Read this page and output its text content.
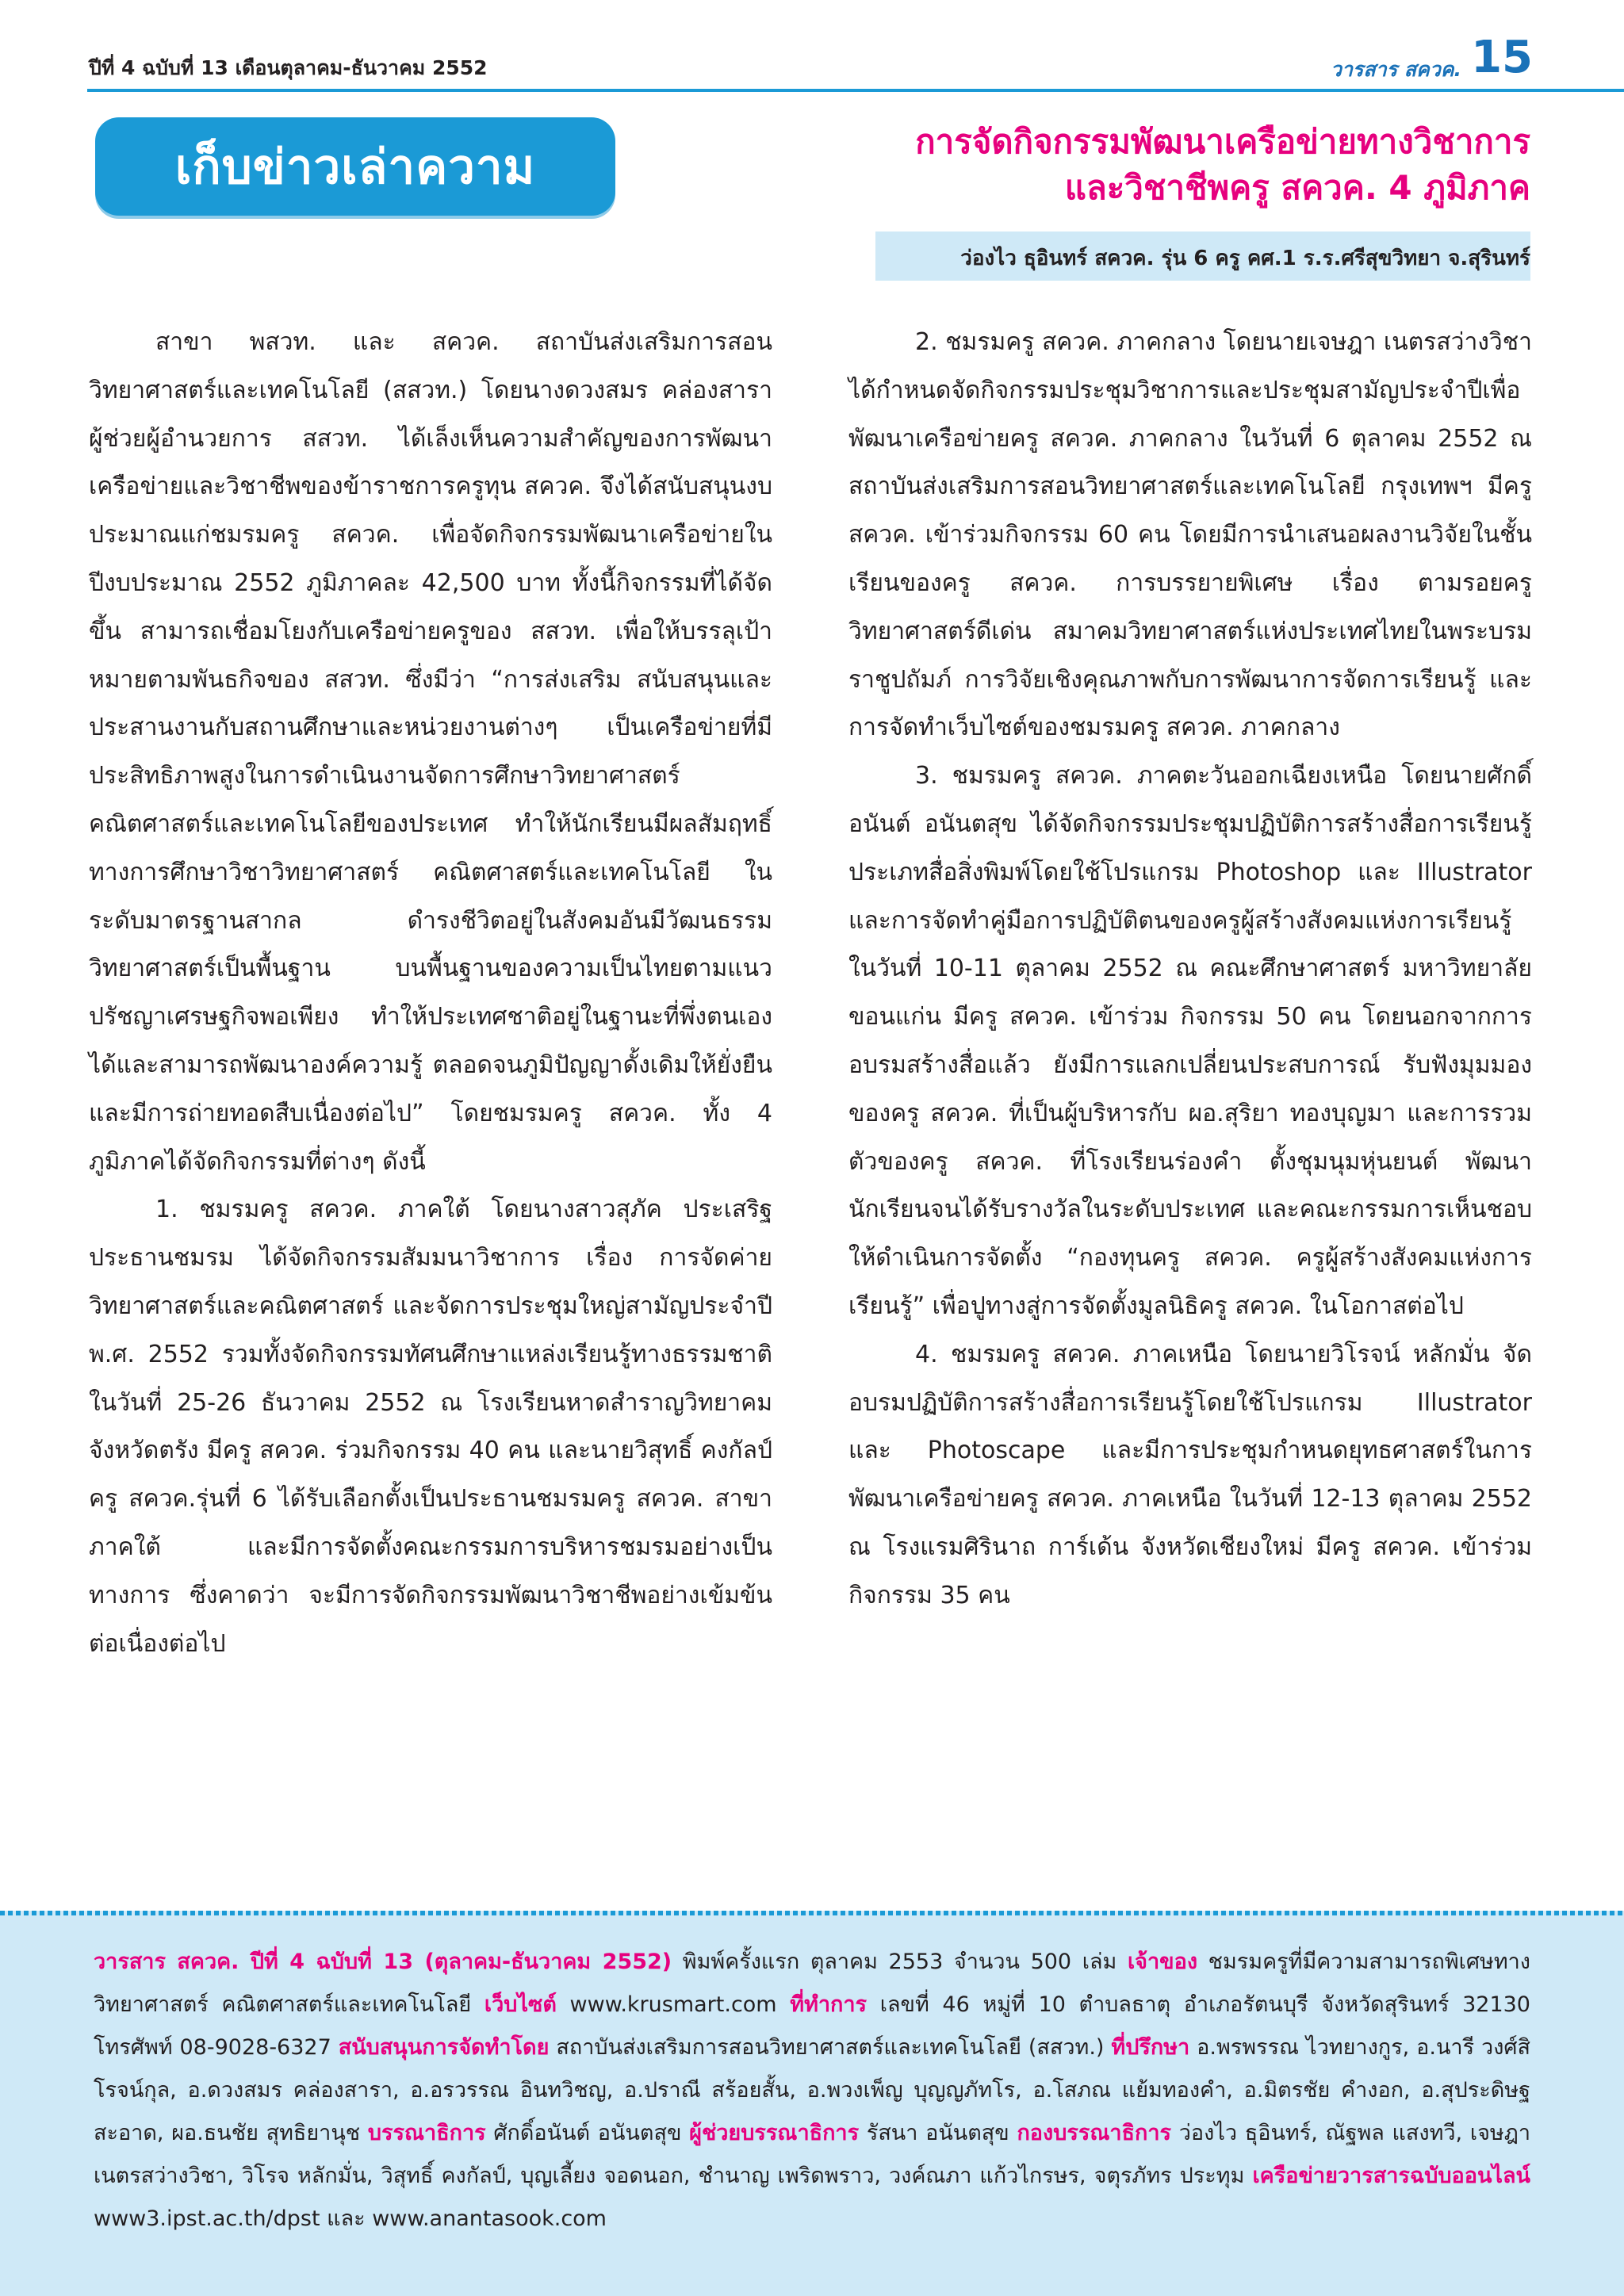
ปีที่ 4 ฉบับที่ 13 เดือนตุลาคม-ธันวาคม 2552	วารสาร สควค. 15
เก็บข่าวเล่าความ	การจัดกิจกรรมพัฒนาเครือข่ายทางวิชาการ
และวิชาชีพครู สควค. 4 ภูมิภาค
ว่องไว ธุอินทร์ สควค. รุ่น 6 ครู คศ.1 ร.ร.ศรีสุขวิทยา จ.สุรินทร์

สาขา พสวท. และ สควค. สถาบันส่งเสริมการสอนวิทยาศาสตร์และเทคโนโลยี (สสวท.) โดยนางดวงสมร คล่องสารา ผู้ช่วยผู้อำนวยการ สสวท. ได้เล็งเห็นความสำคัญของการพัฒนาเครือข่ายและวิชาชีพของข้าราชการครูทุน สควค. จึงได้สนับสนุนงบประมาณแก่ชมรมครู สควค. เพื่อจัดกิจกรรมพัฒนาเครือข่ายในปีงบประมาณ 2552 ภูมิภาคละ 42,500 บาท ทั้งนี้กิจกรรมที่ได้จัดขึ้น สามารถเชื่อมโยงกับเครือข่ายครูของ สสวท. เพื่อให้บรรลุเป้าหมายตามพันธกิจของ สสวท. ซึ่งมีว่า “การส่งเสริม สนับสนุนและประสานงานกับสถานศึกษาและหน่วยงานต่างๆ เป็นเครือข่ายที่มีประสิทธิภาพสูงในการดำเนินงานจัดการศึกษาวิทยาศาสตร์ คณิตศาสตร์และเทคโนโลยีของประเทศ ทำให้นักเรียนมีผลสัมฤทธิ์ทางการศึกษาวิชาวิทยาศาสตร์ คณิตศาสตร์และเทคโนโลยี ในระดับมาตรฐานสากล ดำรงชีวิตอยู่ในสังคมอันมีวัฒนธรรมวิทยาศาสตร์เป็นพื้นฐาน บนพื้นฐานของความเป็นไทยตามแนวปรัชญาเศรษฐกิจพอเพียง ทำให้ประเทศชาติอยู่ในฐานะที่พึ่งตนเองได้และสามารถพัฒนาองค์ความรู้ ตลอดจนภูมิปัญญาดั้งเดิมให้ยั่งยืนและมีการถ่ายทอดสืบเนื่องต่อไป” โดยชมรมครู สควค. ทั้ง 4 ภูมิภาคได้จัดกิจกรรมที่ต่างๆ ดังนี้

1. ชมรมครู สควค. ภาคใต้ โดยนางสาวสุภัค ประเสริฐ ประธานชมรม ได้จัดกิจกรรมสัมมนาวิชาการ เรื่อง การจัดค่ายวิทยาศาสตร์และคณิตศาสตร์ และจัดการประชุมใหญ่สามัญประจำปี พ.ศ. 2552 รวมทั้งจัดกิจกรรมทัศนศึกษาแหล่งเรียนรู้ทางธรรมชาติ ในวันที่ 25-26 ธันวาคม 2552 ณ โรงเรียนหาดสำราญวิทยาคม จังหวัดตรัง มีครู สควค. ร่วมกิจกรรม 40 คน และนายวิสุทธิ์ คงกัลป์ ครู สควค.รุ่นที่ 6 ได้รับเลือกตั้งเป็นประธานชมรมครู สควค. สาขาภาคใต้ และมีการจัดตั้งคณะกรรมการบริหารชมรมอย่างเป็นทางการ ซึ่งคาดว่า จะมีการจัดกิจกรรมพัฒนาวิชาชีพอย่างเข้มข้นต่อเนื่องต่อไป

2. ชมรมครู สควค. ภาคกลาง โดยนายเจษฎา เนตรสว่างวิชา ได้กำหนดจัดกิจกรรมประชุมวิชาการและประชุมสามัญประจำปีเพื่อพัฒนาเครือข่ายครู สควค. ภาคกลาง ในวันที่ 6 ตุลาคม 2552 ณ สถาบันส่งเสริมการสอนวิทยาศาสตร์และเทคโนโลยี กรุงเทพฯ มีครู สควค. เข้าร่วมกิจกรรม 60 คน โดยมีการนำเสนอผลงานวิจัยในชั้นเรียนของครู สควค. การบรรยายพิเศษ เรื่อง ตามรอยครูวิทยาศาสตร์ดีเด่น สมาคมวิทยาศาสตร์แห่งประเทศไทยในพระบรมราชูปถัมภ์ การวิจัยเชิงคุณภาพกับการพัฒนาการจัดการเรียนรู้ และการจัดทำเว็บไซต์ของชมรมครู สควค. ภาคกลาง

3. ชมรมครู สควค. ภาคตะวันออกเฉียงเหนือ โดยนายศักดิ์อนันต์ อนันตสุข ได้จัดกิจกรรมประชุมปฏิบัติการสร้างสื่อการเรียนรู้ประเภทสื่อสิ่งพิมพ์โดยใช้โปรแกรม Photoshop และ Illustrator และการจัดทำคู่มือการปฏิบัติตนของครูผู้สร้างสังคมแห่งการเรียนรู้ ในวันที่ 10-11 ตุลาคม 2552 ณ คณะศึกษาศาสตร์ มหาวิทยาลัยขอนแก่น มีครู สควค. เข้าร่วม กิจกรรม 50 คน โดยนอกจากการอบรมสร้างสื่อแล้ว ยังมีการแลกเปลี่ยนประสบการณ์ รับฟังมุมมองของครู สควค. ที่เป็นผู้บริหารกับ ผอ.สุริยา ทองบุญมา และการรวมตัวของครู สควค. ที่โรงเรียนร่องคำ ตั้งชุมนุมหุ่นยนต์ พัฒนานักเรียนจนได้รับรางวัลในระดับประเทศ และคณะกรรมการเห็นชอบให้ดำเนินการจัดตั้ง “กองทุนครู สควค. ครูผู้สร้างสังคมแห่งการเรียนรู้” เพื่อปูทางสู่การจัดตั้งมูลนิธิครู สควค. ในโอกาสต่อไป

4. ชมรมครู สควค. ภาคเหนือ โดยนายวิโรจน์ หลักมั่น จัดอบรมปฏิบัติการสร้างสื่อการเรียนรู้โดยใช้โปรแกรม Illustrator และ Photoscape และมีการประชุมกำหนดยุทธศาสตร์ในการพัฒนาเครือข่ายครู สควค. ภาคเหนือ ในวันที่ 12-13 ตุลาคม 2552 ณ โรงแรมศิรินาถ การ์เด้น จังหวัดเชียงใหม่ มีครู สควค. เข้าร่วม กิจกรรม 35 คน

วารสาร สควค. ปีที่ 4 ฉบับที่ 13 (ตุลาคม-ธันวาคม 2552) พิมพ์ครั้งแรก ตุลาคม 2553 จำนวน 500 เล่ม เจ้าของ ชมรมครูที่มีความสามารถพิเศษทางวิทยาศาสตร์ คณิตศาสตร์และเทคโนโลยี เว็บไซต์ www.krusmart.com ที่ทำการ เลขที่ 46 หมู่ที่ 10 ตำบลธาตุ อำเภอรัตนบุรี จังหวัดสุรินทร์ 32130 โทรศัพท์ 08-9028-6327 สนับสนุนการจัดทำโดย สถาบันส่งเสริมการสอนวิทยาศาสตร์และเทคโนโลยี (สสวท.) ที่ปรึกษา อ.พรพรรณ ไวทยางกูร, อ.นารี วงศ์สิโรจน์กุล, อ.ดวงสมร คล่องสารา, อ.อรวรรณ อินทวิชญ, อ.ปราณี สร้อยสั้น, อ.พวงเพ็ญ บุญญภัทโร, อ.โสภณ แย้มทองคำ, อ.มิตรชัย คำงอก, อ.สุประดิษฐ สะอาด, ผอ.ธนชัย สุทธิยานุช บรรณาธิการ ศักดิ์อนันต์ อนันตสุข ผู้ช่วยบรรณาธิการ รัสนา อนันตสุข กองบรรณาธิการ ว่องไว ธุอินทร์, ณัฐพล แสงทวี, เจษฎา เนตรสว่างวิชา, วิโรจ หลักมั่น, วิสุทธิ์ คงกัลป์, บุญเลี้ยง จอดนอก, ชำนาญ เพริดพราว, วงค์ณภา แก้วไกรษร, จตุรภัทร ประทุม เครือข่ายวารสารฉบับออนไลน์ www3.ipst.ac.th/dpst และ www.anantasook.com
